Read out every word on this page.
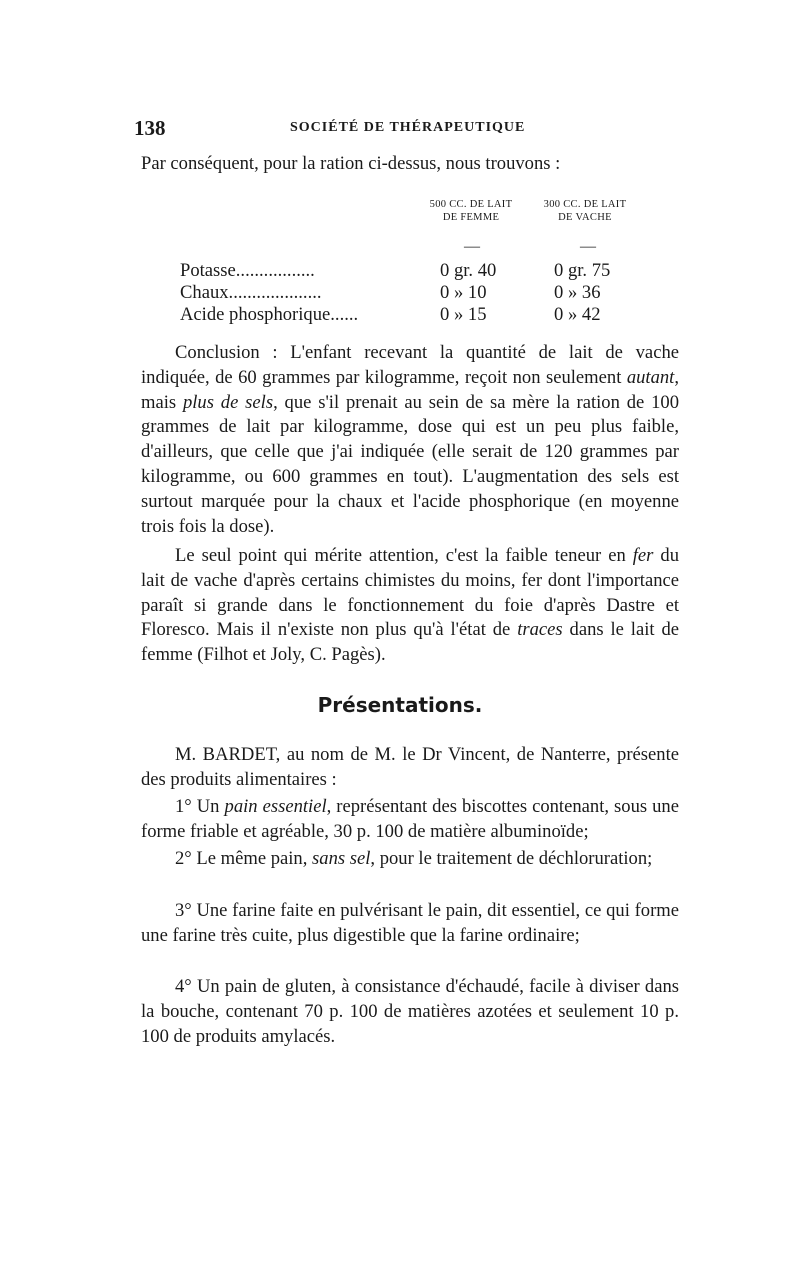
138	SOCIÉTÉ DE THÉRAPEUTIQUE
Par conséquent, pour la ration ci-dessus, nous trouvons :
500 CC. DE LAIT
DE FEMME
300 CC. DE LAIT
DE VACHE
—	—
Potasse.................	0 gr. 40	0 gr. 75
Chaux....................	0 » 10	0 » 36
Acide phosphorique......	0 » 15	0 » 42

Conclusion : L'enfant recevant la quantité de lait de vache indiquée, de 60 grammes par kilogramme, reçoit non seulement autant, mais plus de sels, que s'il prenait au sein de sa mère la ration de 100 grammes de lait par kilogramme, dose qui est un peu plus faible, d'ailleurs, que celle que j'ai indiquée (elle serait de 120 grammes par kilogramme, ou 600 grammes en tout). L'augmentation des sels est surtout marquée pour la chaux et l'acide phosphorique (en moyenne trois fois la dose).

Le seul point qui mérite attention, c'est la faible teneur en fer du lait de vache d'après certains chimistes du moins, fer dont l'importance paraît si grande dans le fonctionnement du foie d'après Dastre et Floresco. Mais il n'existe non plus qu'à l'état de traces dans le lait de femme (Filhot et Joly, C. Pagès).

Présentations.

M. BARDET, au nom de M. le Dr Vincent, de Nanterre, présente des produits alimentaires :

1° Un pain essentiel, représentant des biscottes contenant, sous une forme friable et agréable, 30 p. 100 de matière albuminoïde;

2° Le même pain, sans sel, pour le traitement de déchloruration;

3° Une farine faite en pulvérisant le pain, dit essentiel, ce qui forme une farine très cuite, plus digestible que la farine ordinaire;

4° Un pain de gluten, à consistance d'échaudé, facile à diviser dans la bouche, contenant 70 p. 100 de matières azotées et seulement 10 p. 100 de produits amylacés.
